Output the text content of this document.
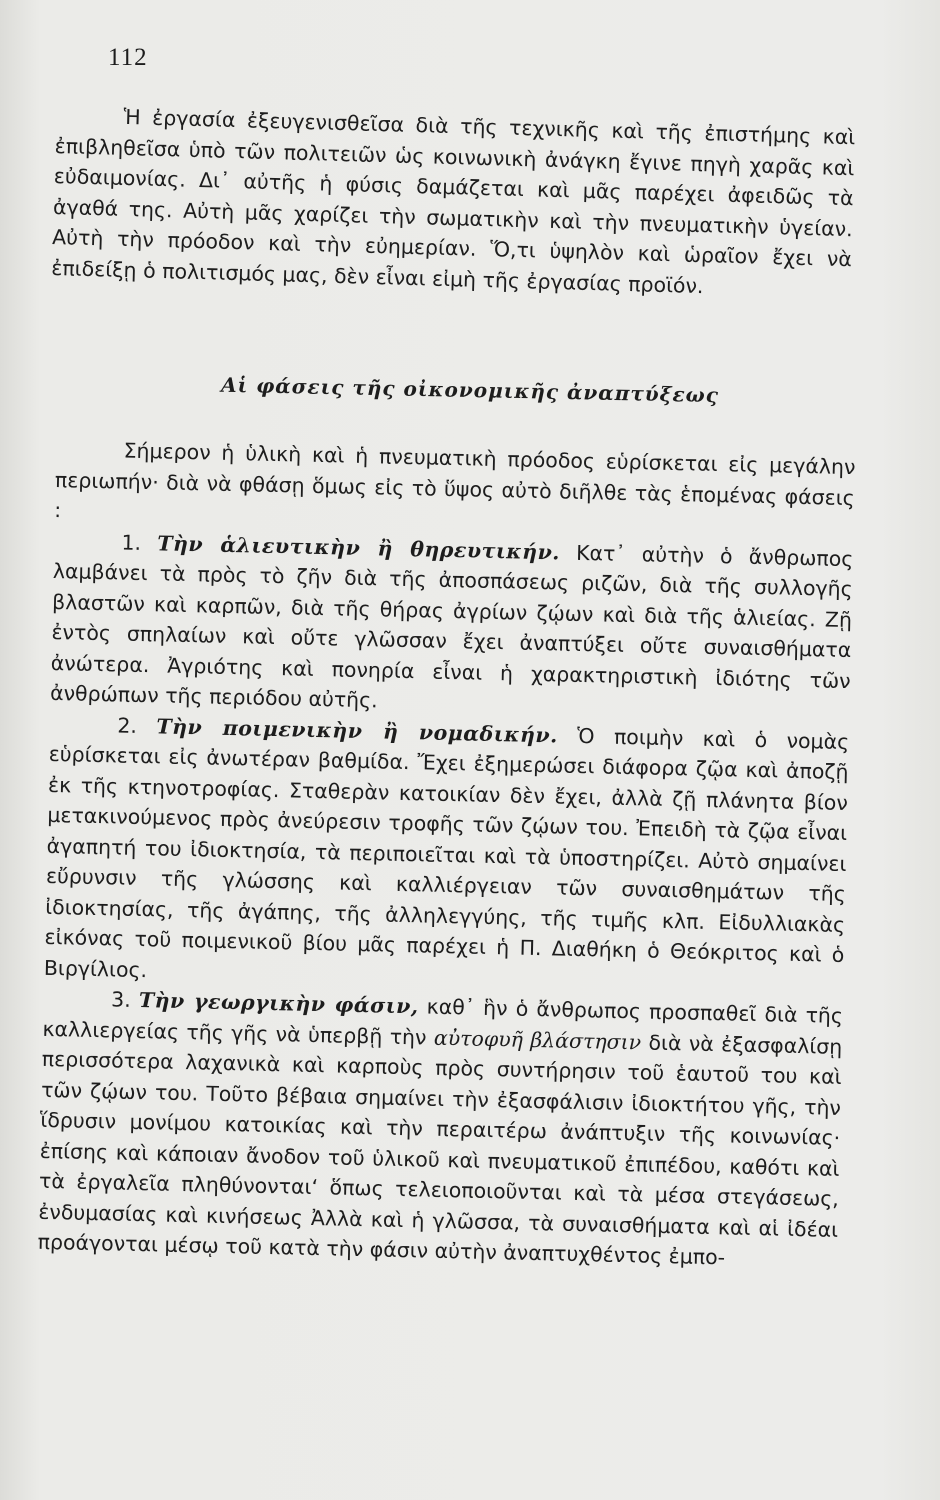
112

Ἡ ἐργασία ἐξευγενισθεῖσα διὰ τῆς τεχνικῆς καὶ τῆς ἐπιστήμης καὶ ἐπιβληθεῖσα ὑπὸ τῶν πολιτειῶν ὡς κοινωνικὴ ἀνάγκη ἔγινε πηγὴ χαρᾶς καὶ εὐδαιμονίας. Δι᾽ αὐτῆς ἡ φύσις δαμάζεται καὶ μᾶς παρέχει ἀφειδῶς τὰ ἀγαθά της. Αὐτὴ μᾶς χαρίζει τὴν σωματικὴν καὶ τὴν πνευματικὴν ὑγείαν. Αὐτὴ τὴν πρόοδον καὶ τὴν εὐημερίαν. Ὅ,τι ὑψηλὸν καὶ ὡραῖον ἔχει νὰ ἐπιδείξῃ ὁ πολιτισμός μας, δὲν εἶναι εἰμὴ τῆς ἐργασίας προϊόν.

Αἱ φάσεις τῆς οἰκονομικῆς ἀναπτύξεως

Σήμερον ἡ ὑλικὴ καὶ ἡ πνευματικὴ πρόοδος εὑρίσκεται εἰς μεγάλην περιωπήν· διὰ νὰ φθάσῃ ὅμως εἰς τὸ ὕψος αὐτὸ διῆλθε τὰς ἑπομένας φάσεις :

1. Τὴν ἁλιευτικὴν ἢ θηρευτικήν. Κατ᾽ αὐτὴν ὁ ἄνθρωπος λαμβάνει τὰ πρὸς τὸ ζῆν διὰ τῆς ἀποσπάσεως ριζῶν, διὰ τῆς συλλογῆς βλαστῶν καὶ καρπῶν, διὰ τῆς θήρας ἀγρίων ζῴων καὶ διὰ τῆς ἁλιείας. Ζῇ ἐντὸς σπηλαίων καὶ οὔτε γλῶσσαν ἔχει ἀναπτύξει οὔτε συναισθήματα ἀνώτερα. Ἀγριότης καὶ πονηρία εἶναι ἡ χαρακτηριστικὴ ἰδιότης τῶν ἀνθρώπων τῆς περιόδου αὐτῆς.

2. Τὴν ποιμενικὴν ἢ νομαδικήν. Ὁ ποιμὴν καὶ ὁ νομὰς εὑρίσκεται εἰς ἀνωτέραν βαθμίδα. Ἔχει ἐξημερώσει διάφορα ζῷα καὶ ἀποζῇ ἐκ τῆς κτηνοτροφίας. Σταθερὰν κατοικίαν δὲν ἔχει, ἀλλὰ ζῇ πλάνητα βίον μετακινούμενος πρὸς ἀνεύρεσιν τροφῆς τῶν ζῴων του. Ἐπειδὴ τὰ ζῷα εἶναι ἀγαπητή του ἰδιοκτησία, τὰ περιποιεῖται καὶ τὰ ὑποστηρίζει. Αὐτὸ σημαίνει εὔρυνσιν τῆς γλώσσης καὶ καλλιέργειαν τῶν συναισθημάτων τῆς ἰδιοκτησίας, τῆς ἀγάπης, τῆς ἀλληλεγγύης, τῆς τιμῆς κλπ. Εἰδυλλιακὰς εἰκόνας τοῦ ποιμενικοῦ βίου μᾶς παρέχει ἡ Π. Διαθήκη ὁ Θεόκριτος καὶ ὁ Βιργίλιος.

3. Τὴν γεωργικὴν φάσιν, καθ᾽ ἣν ὁ ἄνθρωπος προσπαθεῖ διὰ τῆς καλλιεργείας τῆς γῆς νὰ ὑπερβῇ τὴν αὐτοφυῆ βλάστησιν διὰ νὰ ἐξασφαλίσῃ περισσότερα λαχανικὰ καὶ καρποὺς πρὸς συντήρησιν τοῦ ἑαυτοῦ του καὶ τῶν ζῴων του. Τοῦτο βέβαια σημαίνει τὴν ἐξασφάλισιν ἰδιοκτήτου γῆς, τὴν ἵδρυσιν μονίμου κατοικίας καὶ τὴν περαιτέρω ἀνάπτυξιν τῆς κοινωνίας· ἐπίσης καὶ κάποιαν ἄνοδον τοῦ ὑλικοῦ καὶ πνευματικοῦ ἐπιπέδου, καθότι καὶ τὰ ἐργαλεῖα πληθύνονται‘ ὅπως τελειοποιοῦνται καὶ τὰ μέσα στεγάσεως, ἐνδυμασίας καὶ κινήσεως Ἀλλὰ καὶ ἡ γλῶσσα, τὰ συναισθήματα καὶ αἱ ἰδέαι προάγονται μέσῳ τοῦ κατὰ τὴν φάσιν αὐτὴν ἀναπτυχθέντος ἐμπο-
